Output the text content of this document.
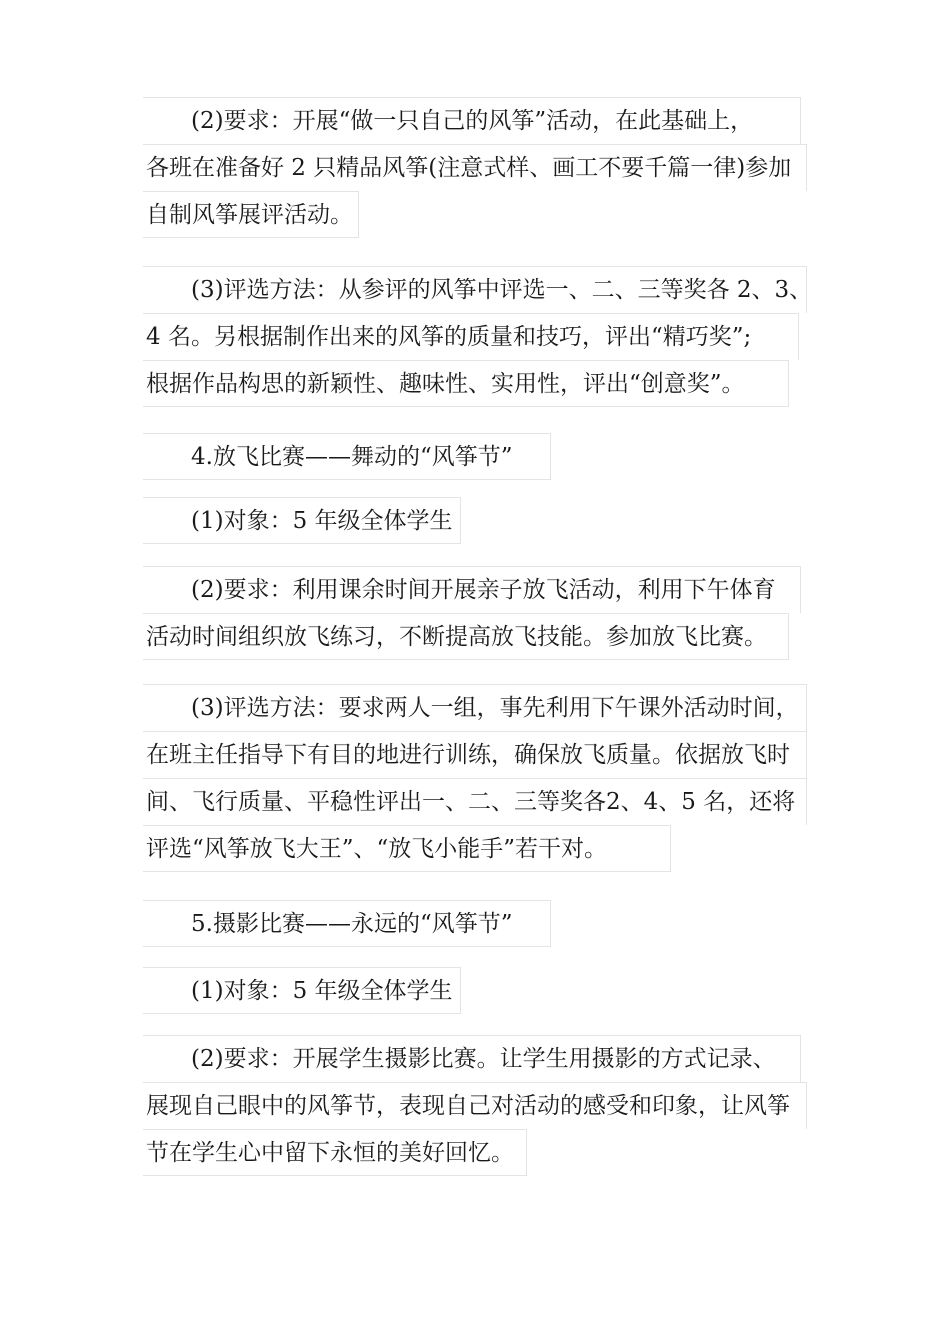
(2)要求：开展“做一只自己的风筝”活动，在此基础上，
各班在准备好 2 只精品风筝(注意式样、画工不要千篇一律)参加
自制风筝展评活动。
(3)评选方法：从参评的风筝中评选一、二、三等奖各 2、3、
4 名。另根据制作出来的风筝的质量和技巧，评出“精巧奖”;
根据作品构思的新颖性、趣味性、实用性，评出“创意奖”。
4.放飞比赛——舞动的“风筝节”
(1)对象：5 年级全体学生
(2)要求：利用课余时间开展亲子放飞活动，利用下午体育
活动时间组织放飞练习，不断提高放飞技能。参加放飞比赛。
(3)评选方法：要求两人一组，事先利用下午课外活动时间，
在班主任指导下有目的地进行训练，确保放飞质量。依据放飞时
间、飞行质量、平稳性评出一、二、三等奖各2、4、5 名，还将
评选“风筝放飞大王”、“放飞小能手”若干对。
5.摄影比赛——永远的“风筝节”
(1)对象：5 年级全体学生
(2)要求：开展学生摄影比赛。让学生用摄影的方式记录、
展现自己眼中的风筝节，表现自己对活动的感受和印象，让风筝
节在学生心中留下永恒的美好回忆。
